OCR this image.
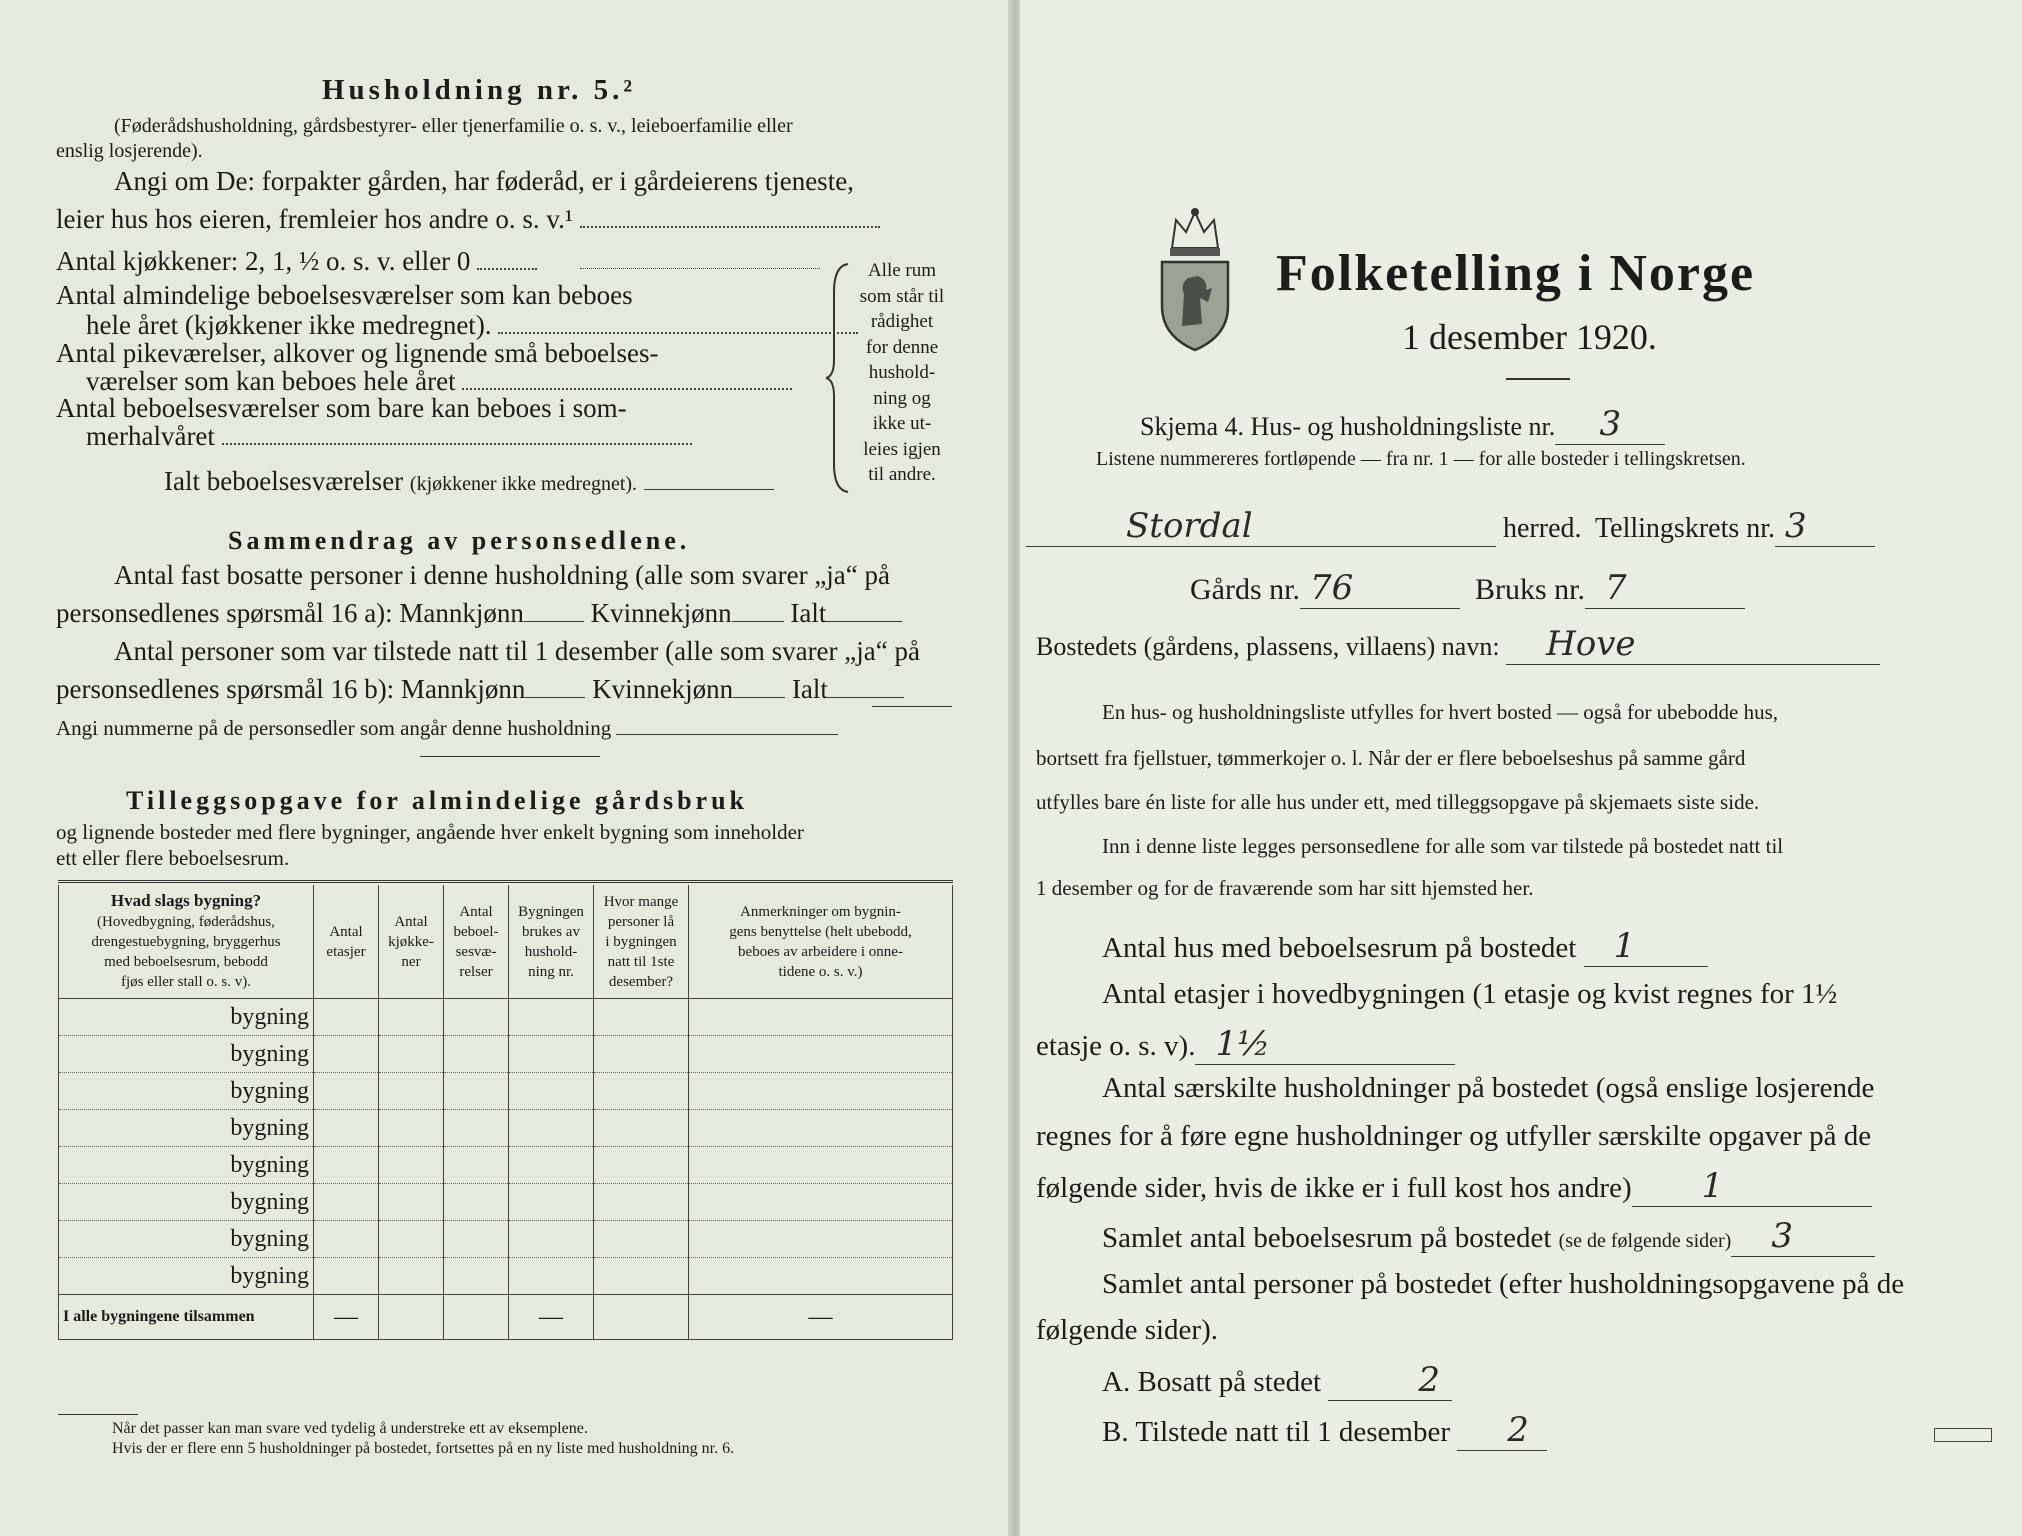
Husholdning nr. 5.²
(Føderådshusholdning, gårdsbestyrer- eller tjenerfamilie o. s. v., leieboerfamilie eller
enslig losjerende).
Angi om De: forpakter gården, har føderåd, er i gårdeierens tjeneste,
leier hus hos eieren, fremleier hos andre o. s. v.¹
Antal kjøkkener: 2, 1, ½ o. s. v. eller 0
Antal almindelige beboelsesværelser som kan beboes
hele året (kjøkkener ikke medregnet).
Antal pikeværelser, alkover og lignende små beboelses-
værelser som kan beboes hele året
Antal beboelsesværelser som bare kan beboes i som-
merhalvåret
Ialt beboelsesværelser (kjøkkener ikke medregnet).
Alle rum
som står til
rådighet
for denne
hushold-
ning og
ikke ut-
leies igjen
til andre.
Sammendrag av personsedlene.
Antal fast bosatte personer i denne husholdning (alle som svarer „ja“ på
personsedlenes spørsmål 16 a): Mannkjønn Kvinnekjønn Ialt
Antal personer som var tilstede natt til 1 desember (alle som svarer „ja“ på
personsedlenes spørsmål 16 b): Mannkjønn Kvinnekjønn Ialt
Angi nummerne på de personsedler som angår denne husholdning
Tilleggsopgave for almindelige gårdsbruk
og lignende bosteder med flere bygninger, angående hver enkelt bygning som inneholder
ett eller flere beboelsesrum.
Hvad slags bygning?
(Hovedbygning, føderådshus,
drengestuebygning, bryggerhus
med beboelsesrum, bebodd
fjøs eller stall o. s. v).	Antal
etasjer	Antal
kjøkke-
ner	Antal
beboel-
sesvæ-
relser	Bygningen
brukes av
hushold-
ning nr.	Hvor mange
personer lå
i bygningen
natt til 1ste
desember?	Anmerkninger om bygnin-
gens benyttelse (helt ubebodd,
beboes av arbeidere i onne-
tidene o. s. v.)
bygning						
bygning						
bygning						
bygning						
bygning						
bygning						
bygning						
bygning						
I alle bygningene tilsammen	—			—		—
Når det passer kan man svare ved tydelig å understreke ett av eksemplene.
Hvis der er flere enn 5 husholdninger på bostedet, fortsettes på en ny liste med husholdning nr. 6.
Folketelling i Norge
1 desember 1920.
Skjema 4. Hus- og husholdningsliste nr. 3
Listene nummereres fortløpende — fra nr. 1 — for alle bosteder i tellingskretsen.
Stordal	herred. Tellingskrets nr. 3
Gårds nr. 76	Bruks nr. 7
Bostedets (gårdens, plassens, villaens) navn: Hove
En hus- og husholdningsliste utfylles for hvert bosted — også for ubebodde hus,
bortsett fra fjellstuer, tømmerkojer o. l. Når der er flere beboelseshus på samme gård
utfylles bare én liste for alle hus under ett, med tilleggsopgave på skjemaets siste side.
Inn i denne liste legges personsedlene for alle som var tilstede på bostedet natt til
1 desember og for de fraværende som har sitt hjemsted her.
Antal hus med beboelsesrum på bostedet 1
Antal etasjer i hovedbygningen (1 etasje og kvist regnes for 1½
etasje o. s. v). 1½
Antal særskilte husholdninger på bostedet (også enslige losjerende
regnes for å føre egne husholdninger og utfyller særskilte opgaver på de
følgende sider, hvis de ikke er i full kost hos andre) 1
Samlet antal beboelsesrum på bostedet (se de følgende sider) 3
Samlet antal personer på bostedet (efter husholdningsopgavene på de
følgende sider).
A. Bosatt på stedet	2
B. Tilstede natt til 1 desember 2
